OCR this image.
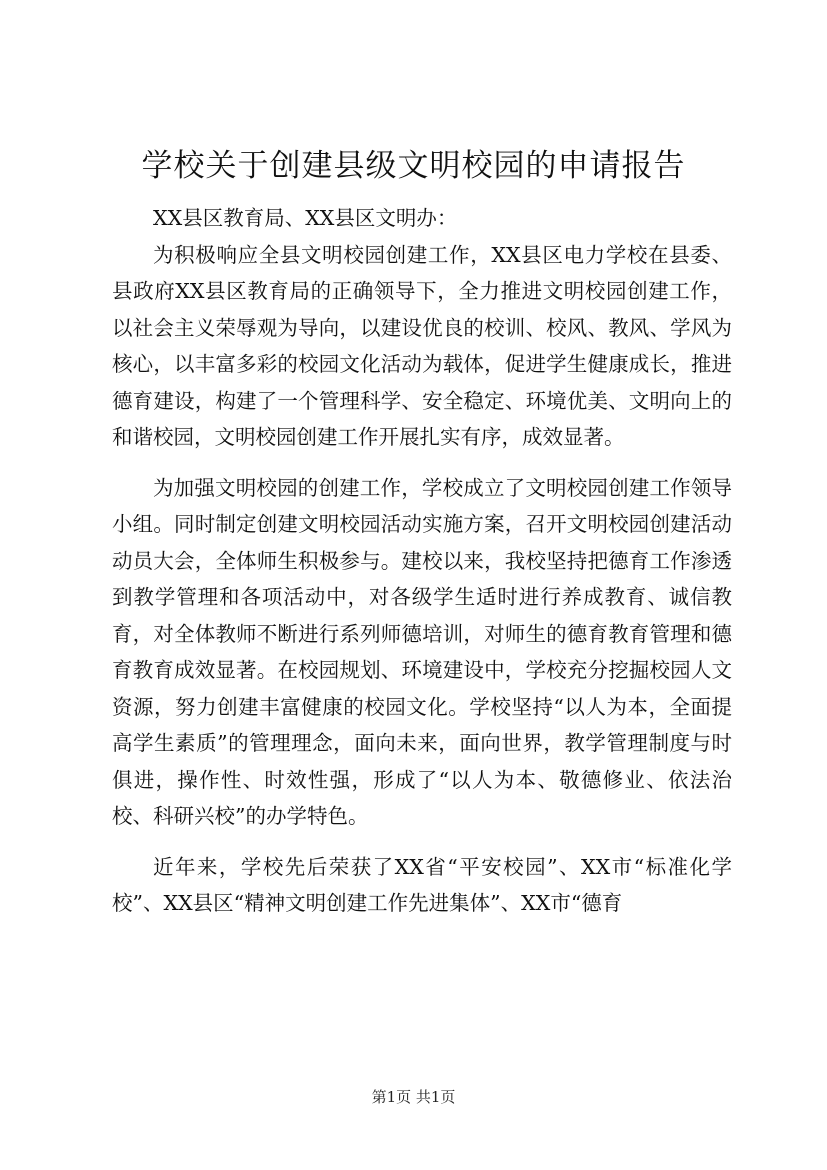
学校关于创建县级文明校园的申请报告

XX县区教育局、XX县区文明办：

为积极响应全县文明校园创建工作，XX县区电力学校在县委、县政府XX县区教育局的正确领导下，全力推进文明校园创建工作，以社会主义荣辱观为导向，以建设优良的校训、校风、教风、学风为核心，以丰富多彩的校园文化活动为载体，促进学生健康成长，推进德育建设，构建了一个管理科学、安全稳定、环境优美、文明向上的和谐校园，文明校园创建工作开展扎实有序，成效显著。

为加强文明校园的创建工作，学校成立了文明校园创建工作领导小组。同时制定创建文明校园活动实施方案，召开文明校园创建活动动员大会，全体师生积极参与。建校以来，我校坚持把德育工作渗透到教学管理和各项活动中，对各级学生适时进行养成教育、诚信教育，对全体教师不断进行系列师德培训，对师生的德育教育管理和德育教育成效显著。在校园规划、环境建设中，学校充分挖掘校园人文资源，努力创建丰富健康的校园文化。学校坚持“以人为本，全面提高学生素质”的管理理念，面向未来，面向世界，教学管理制度与时俱进，操作性、时效性强，形成了“以人为本、敬德修业、依法治校、科研兴校”的办学特色。

近年来，学校先后荣获了XX省“平安校园”、XX市“标准化学校”、XX县区“精神文明创建工作先进集体”、XX市“德育

第1页 共1页
